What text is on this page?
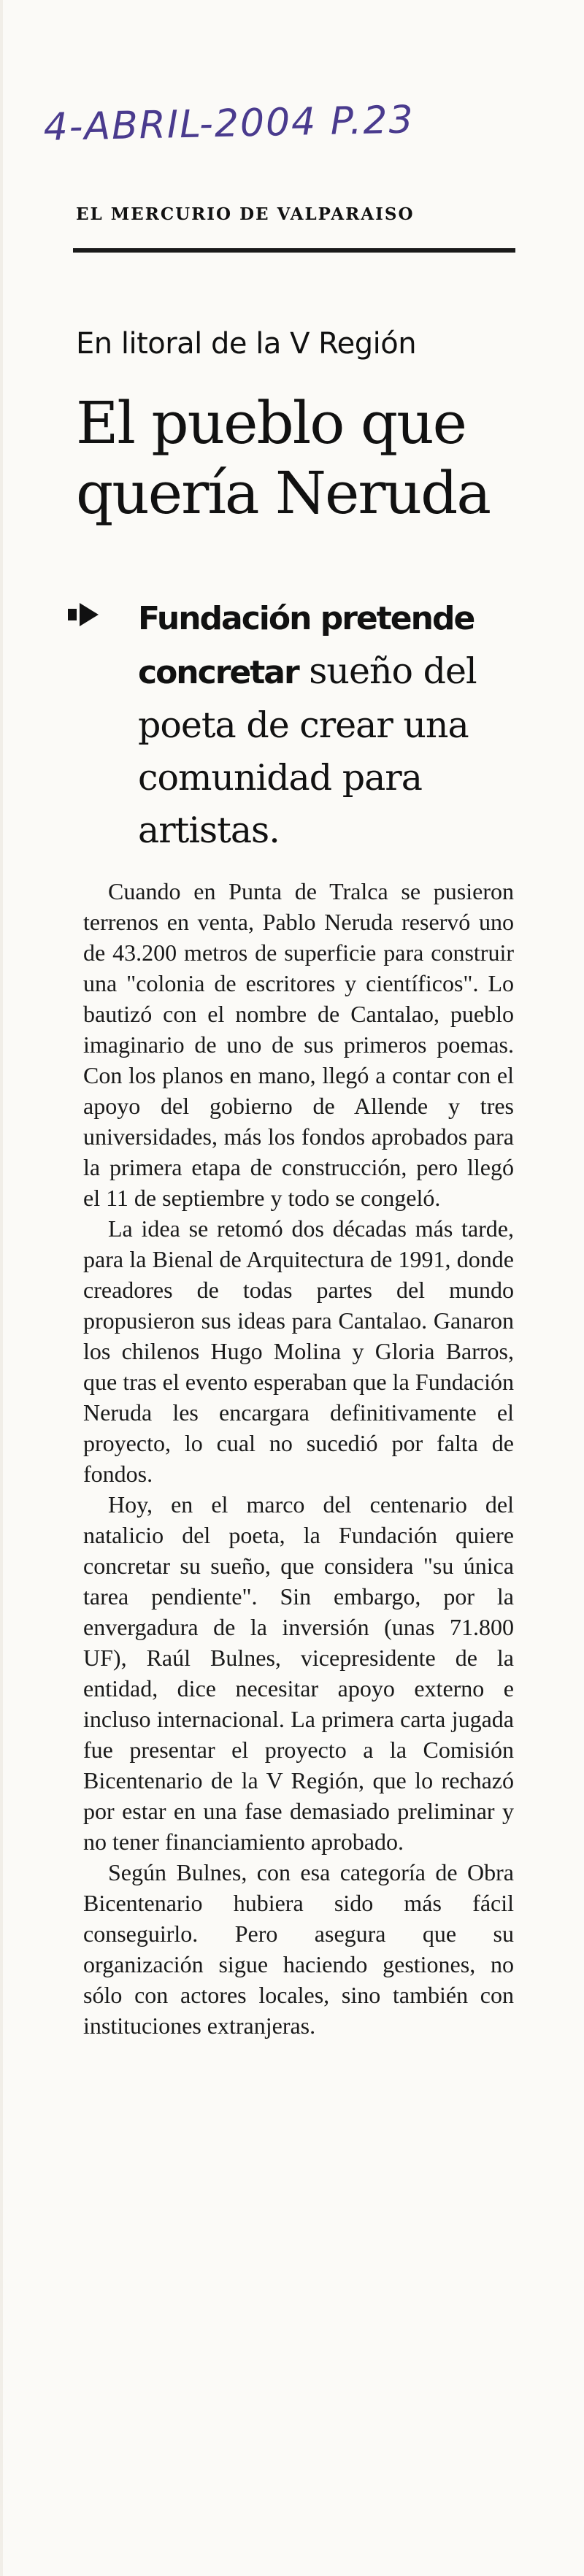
4-ABRIL-2004 P.23
EL MERCURIO DE VALPARAISO
En litoral de la V Región
El pueblo que quería Neruda
Fundación pretende concretar sueño del poeta de crear una comunidad para artistas.

Cuando en Punta de Tralca se pusieron terrenos en venta, Pablo Neruda reservó uno de 43.200 metros de superficie para construir una "colonia de escritores y científicos". Lo bautizó con el nombre de Cantalao, pueblo imaginario de uno de sus primeros poemas. Con los planos en mano, llegó a contar con el apoyo del gobierno de Allende y tres universidades, más los fondos aprobados para la primera etapa de construcción, pero llegó el 11 de septiembre y todo se congeló.

La idea se retomó dos décadas más tarde, para la Bienal de Arquitectura de 1991, donde creadores de todas partes del mundo propusieron sus ideas para Cantalao. Ganaron los chilenos Hugo Molina y Gloria Barros, que tras el evento esperaban que la Fundación Neruda les encargara definitivamente el proyecto, lo cual no sucedió por falta de fondos.

Hoy, en el marco del centenario del natalicio del poeta, la Fundación quiere concretar su sueño, que considera "su única tarea pendiente". Sin embargo, por la envergadura de la inversión (unas 71.800 UF), Raúl Bulnes, vicepresidente de la entidad, dice necesitar apoyo externo e incluso internacional. La primera carta jugada fue presentar el proyecto a la Comisión Bicentenario de la V Región, que lo rechazó por estar en una fase demasiado preliminar y no tener financiamiento aprobado.

Según Bulnes, con esa categoría de Obra Bicentenario hubiera sido más fácil conseguirlo. Pero asegura que su organización sigue haciendo gestiones, no sólo con actores locales, sino también con instituciones extranjeras.
